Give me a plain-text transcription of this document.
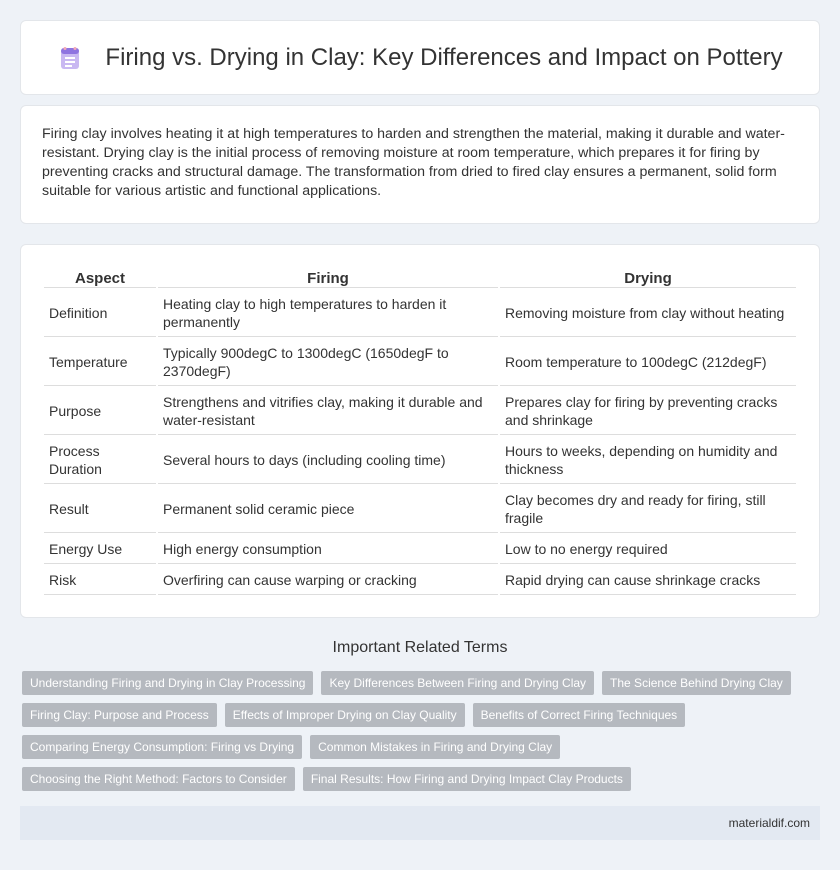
Firing vs. Drying in Clay: Key Differences and Impact on Pottery

Firing clay involves heating it at high temperatures to harden and strengthen the material, making it durable and water-resistant. Drying clay is the initial process of removing moisture at room temperature, which prepares it for firing by preventing cracks and structural damage. The transformation from dried to fired clay ensures a permanent, solid form suitable for various artistic and functional applications.

Aspect	Firing	Drying
Definition	Heating clay to high temperatures to harden it permanently	Removing moisture from clay without heating
Temperature	Typically 900degC to 1300degC (1650degF to 2370degF)	Room temperature to 100degC (212degF)
Purpose	Strengthens and vitrifies clay, making it durable and water-resistant	Prepares clay for firing by preventing cracks and shrinkage
Process Duration	Several hours to days (including cooling time)	Hours to weeks, depending on humidity and thickness
Result	Permanent solid ceramic piece	Clay becomes dry and ready for firing, still fragile
Energy Use	High energy consumption	Low to no energy required
Risk	Overfiring can cause warping or cracking	Rapid drying can cause shrinkage cracks
Important Related Terms
Understanding Firing and Drying in Clay Processing	Key Differences Between Firing and Drying Clay	The Science Behind Drying Clay
Firing Clay: Purpose and Process	Effects of Improper Drying on Clay Quality	Benefits of Correct Firing Techniques
Comparing Energy Consumption: Firing vs Drying	Common Mistakes in Firing and Drying Clay
Choosing the Right Method: Factors to Consider	Final Results: How Firing and Drying Impact Clay Products
materialdif.com
